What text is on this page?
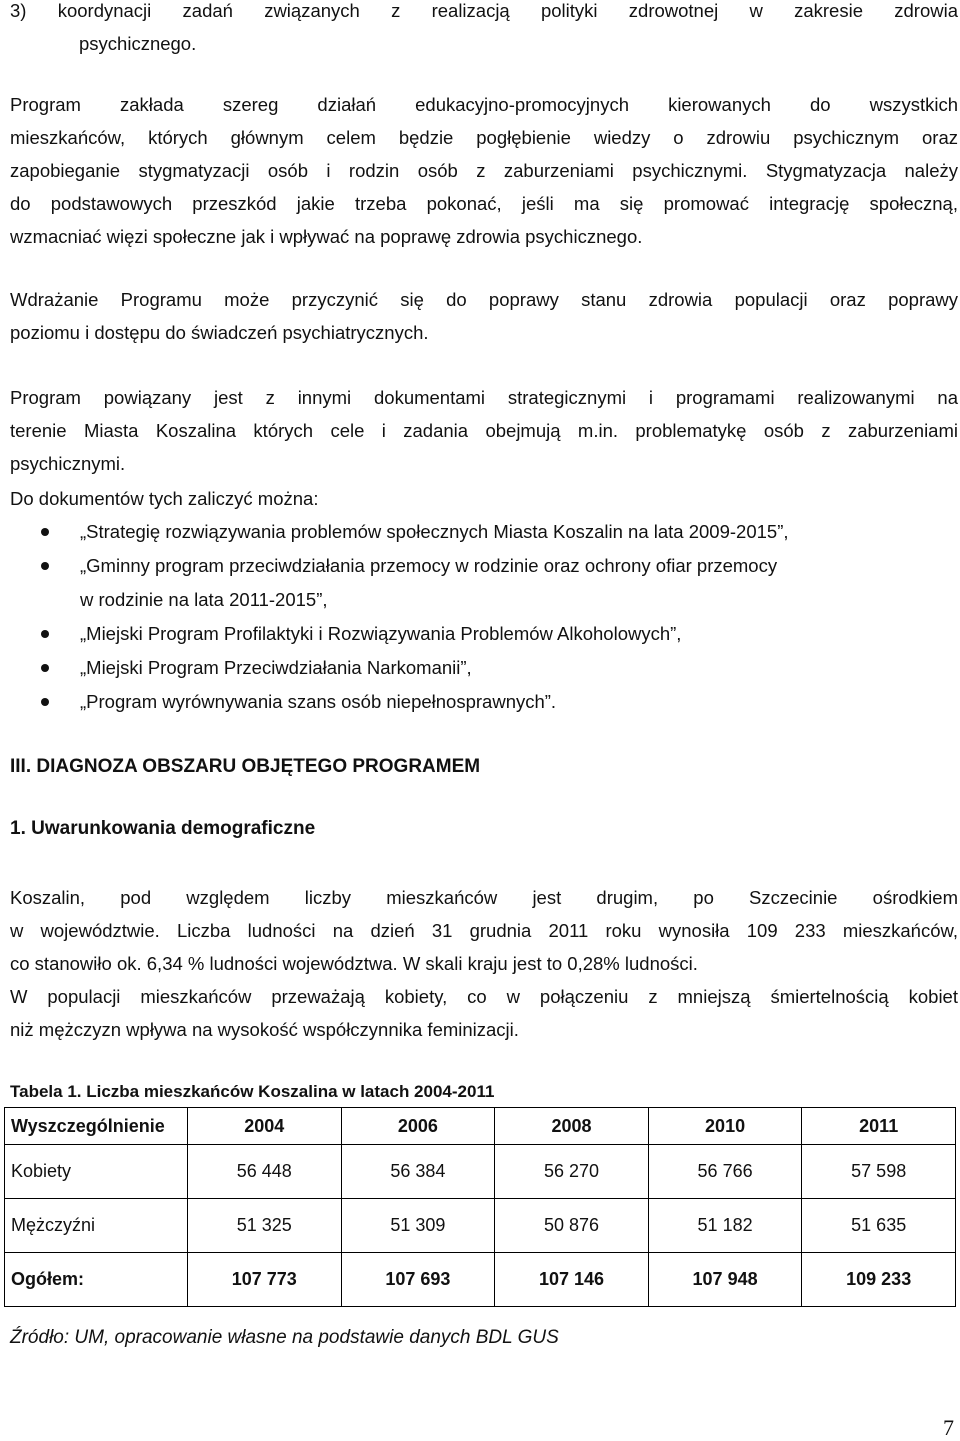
3) koordynacji zadań związanych z realizacją polityki zdrowotnej w zakresie zdrowia
psychicznego.
Program zakłada szereg działań edukacyjno-promocyjnych kierowanych do wszystkich
mieszkańców, których głównym celem będzie pogłębienie wiedzy o zdrowiu psychicznym oraz
zapobieganie stygmatyzacji osób i rodzin osób z zaburzeniami psychicznymi. Stygmatyzacja należy
do podstawowych przeszkód jakie trzeba pokonać, jeśli ma się promować integrację społeczną,
wzmacniać więzi społeczne jak i wpływać na poprawę zdrowia psychicznego.
Wdrażanie Programu może przyczynić się do poprawy stanu zdrowia populacji oraz poprawy
poziomu i dostępu do świadczeń psychiatrycznych.
Program powiązany jest z innymi dokumentami strategicznymi i programami realizowanymi na
terenie Miasta Koszalina których cele i zadania obejmują m.in. problematykę osób z zaburzeniami
psychicznymi.
Do dokumentów tych zaliczyć można:
„Strategię rozwiązywania problemów społecznych Miasta Koszalin na lata 2009-2015”,
„Gminny program przeciwdziałania przemocy w rodzinie oraz ochrony ofiar przemocy
w rodzinie na lata 2011-2015”,
„Miejski Program Profilaktyki i Rozwiązywania Problemów Alkoholowych”,
„Miejski Program Przeciwdziałania Narkomanii”,
„Program wyrównywania szans osób niepełnosprawnych”.
III. DIAGNOZA OBSZARU OBJĘTEGO PROGRAMEM
1. Uwarunkowania demograficzne
Koszalin, pod względem liczby mieszkańców jest drugim, po Szczecinie ośrodkiem
w województwie. Liczba ludności na dzień 31 grudnia 2011 roku wynosiła 109 233 mieszkańców,
co stanowiło ok. 6,34 % ludności województwa. W skali kraju jest to 0,28% ludności.
W populacji mieszkańców przeważają kobiety, co w połączeniu z mniejszą śmiertelnością kobiet
niż mężczyzn wpływa na wysokość współczynnika feminizacji.
Tabela 1. Liczba mieszkańców Koszalina w latach 2004-2011
Wyszczególnienie	2004	2006	2008	2010	2011
Kobiety	56 448	56 384	56 270	56 766	57 598
Mężczyźni	51 325	51 309	50 876	51 182	51 635
Ogółem:	107 773	107 693	107 146	107 948	109 233
Źródło: UM, opracowanie własne na podstawie danych BDL GUS
7
